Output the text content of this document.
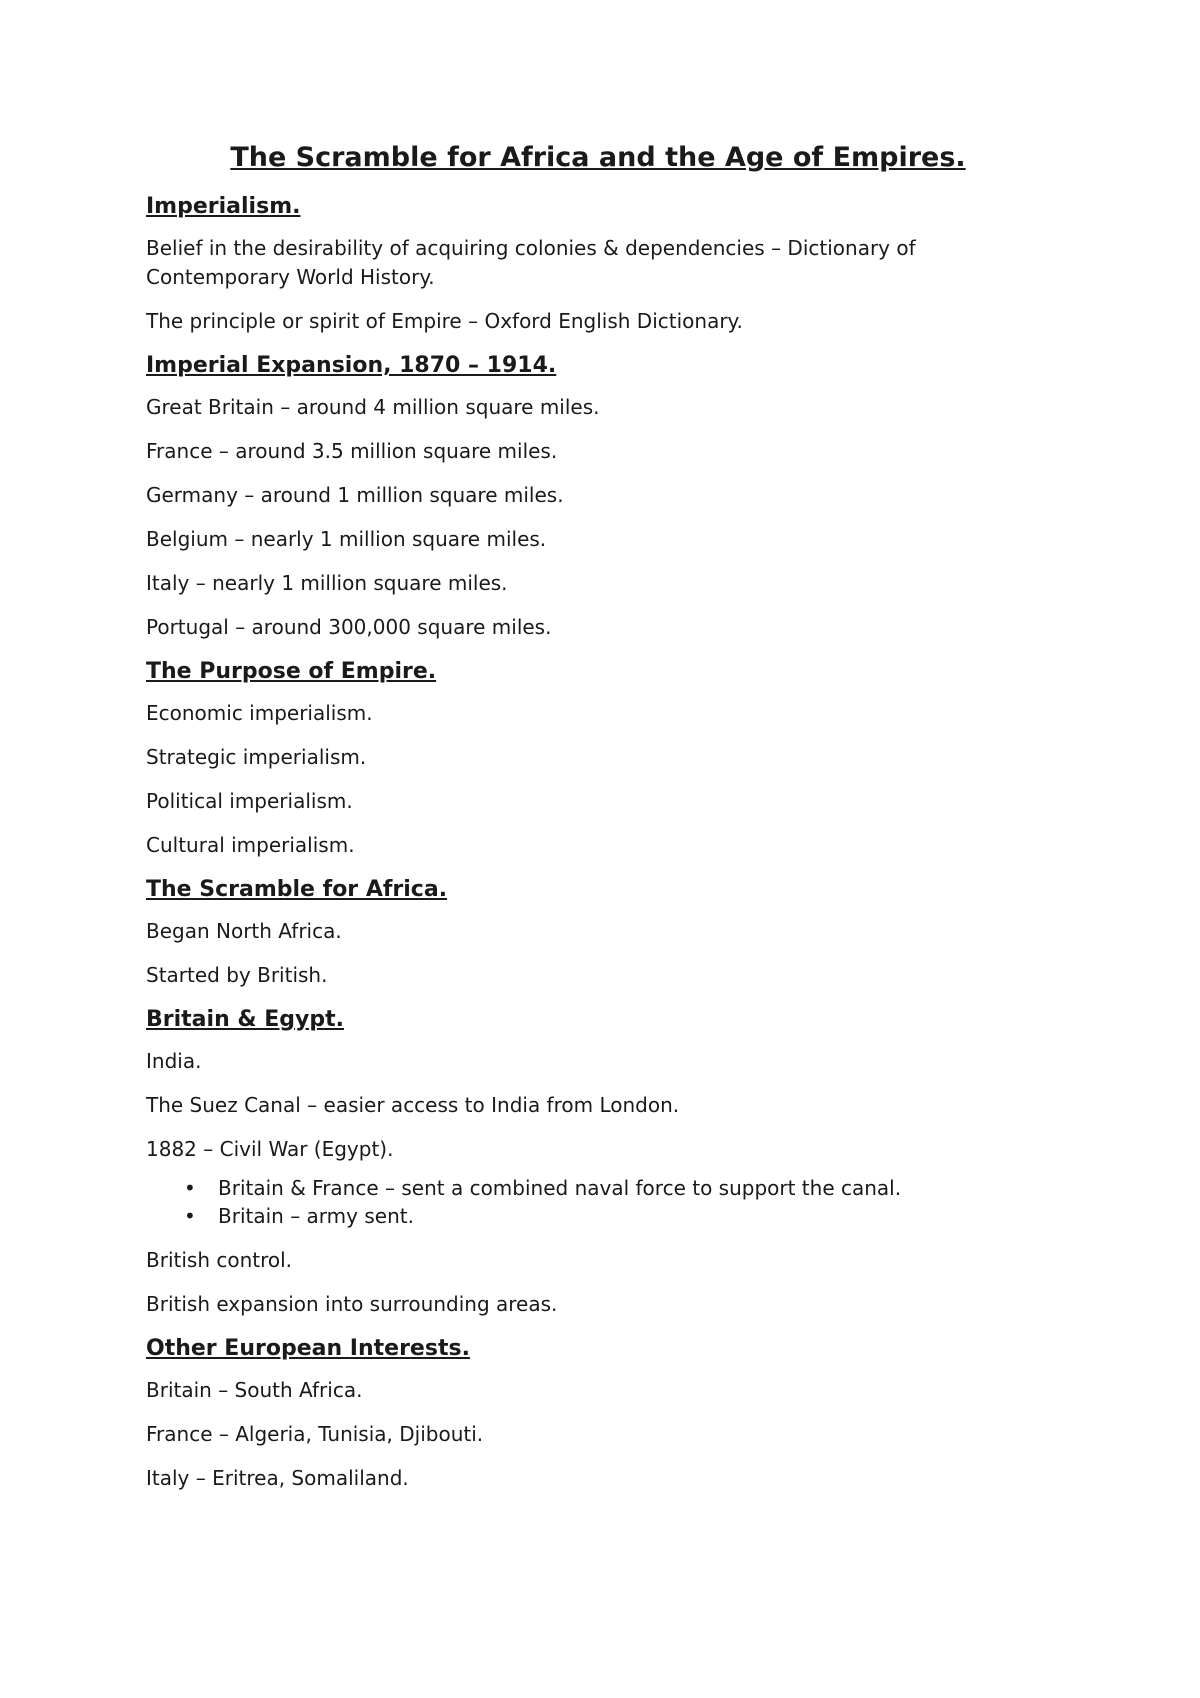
The Scramble for Africa and the Age of Empires.
Imperialism.

Belief in the desirability of acquiring colonies & dependencies – Dictionary of Contemporary World History.

The principle or spirit of Empire – Oxford English Dictionary.

Imperial Expansion, 1870 – 1914.

Great Britain – around 4 million square miles.

France – around 3.5 million square miles.

Germany – around 1 million square miles.

Belgium – nearly 1 million square miles.

Italy – nearly 1 million square miles.

Portugal – around 300,000 square miles.

The Purpose of Empire.

Economic imperialism.

Strategic imperialism.

Political imperialism.

Cultural imperialism.

The Scramble for Africa.

Began North Africa.

Started by British.

Britain & Egypt.

India.

The Suez Canal – easier access to India from London.

1882 – Civil War (Egypt).

• Britain & France – sent a combined naval force to support the canal.
• Britain – army sent.

British control.

British expansion into surrounding areas.

Other European Interests.

Britain – South Africa.

France – Algeria, Tunisia, Djibouti.

Italy – Eritrea, Somaliland.
